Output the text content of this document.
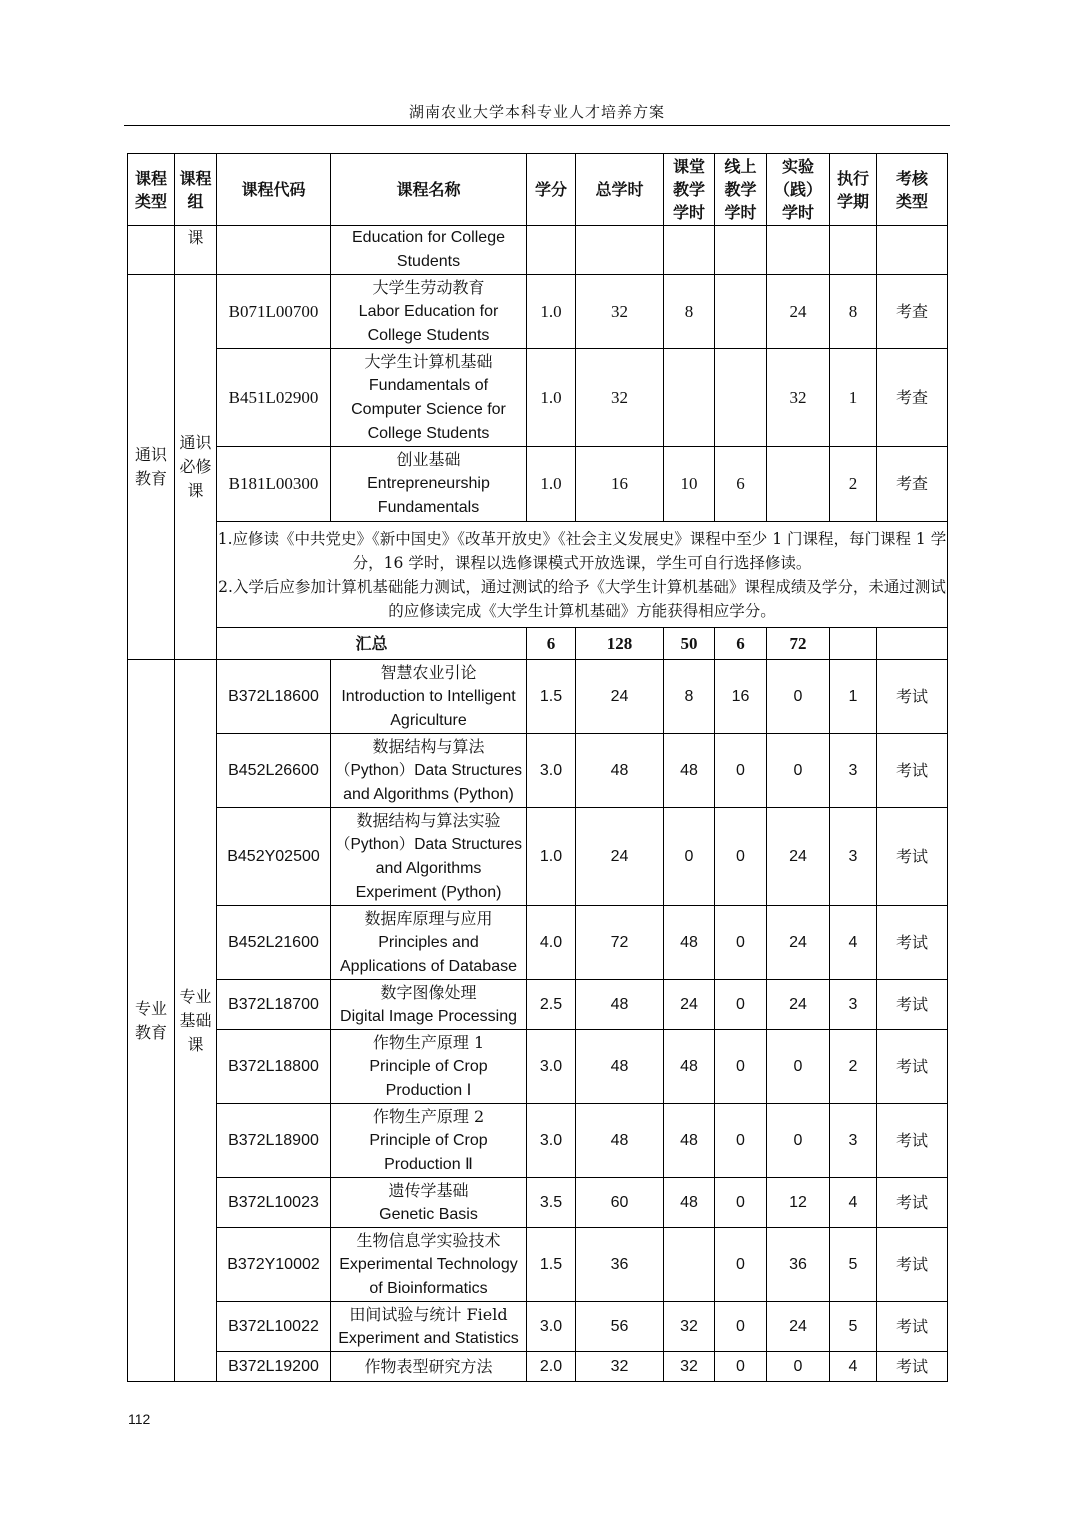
湖南农业大学本科专业人才培养方案
课程
类型	课程
组	课程代码	课程名称	学分	总学时	课堂
教学
学时	线上
教学
学时	实验
（践）
学时	执行
学期	考核
类型

	课		Education for College
Students							

通识
教育	通识
必修
课	B071L00700	大学生劳动教育
Labor Education for
College Students	1.0	32	8		24	8	考查
		B451L02900	大学生计算机基础
Fundamentals of
Computer Science for
College Students	1.0	32			32	1	考查
		B181L00300	创业基础
Entrepreneurship
Fundamentals	1.0	16	10	6		2	考查

		1.应修读《中共党史》《新中国史》《改革开放史》《社会主义发展史》课程中至少 1 门课程，每门课程 1 学分，16 学时，课程以选修课模式开放选课，学生可自行选择修读。
2.入学后应参加计算机基础能力测试，通过测试的给予《大学生计算机基础》课程成绩及学分，未通过测试的应修读完成《大学生计算机基础》方能获得相应学分。								

		汇总		6	128	50	6	72		

专业
教育	专业
基础
课	B372L18600	智慧农业引论
Introduction to Intelligent
Agriculture	1.5	24	8	16	0	1	考试
		B452L26600	数据结构与算法
（Python）Data Structures
and Algorithms (Python)	3.0	48	48	0	0	3	考试
		B452Y02500	数据结构与算法实验
（Python）Data Structures
and Algorithms
Experiment (Python)	1.0	24	0	0	24	3	考试
		B452L21600	数据库原理与应用
Principles and
Applications of Database	4.0	72	48	0	24	4	考试
		B372L18700	数字图像处理
Digital Image Processing	2.5	48	24	0	24	3	考试
		B372L18800	作物生产原理 1
Principle of Crop
Production Ⅰ	3.0	48	48	0	0	2	考试
		B372L18900	作物生产原理 2
Principle of Crop
Production Ⅱ	3.0	48	48	0	0	3	考试
		B372L10023	遗传学基础
Genetic Basis	3.5	60	48	0	12	4	考试
		B372Y10002	生物信息学实验技术
Experimental Technology
of Bioinformatics	1.5	36		0	36	5	考试
		B372L10022	田间试验与统计 Field
Experiment and Statistics	3.0	56	32	0	24	5	考试
		B372L19200	作物表型研究方法	2.0	32	32	0	0	4	考试
112
